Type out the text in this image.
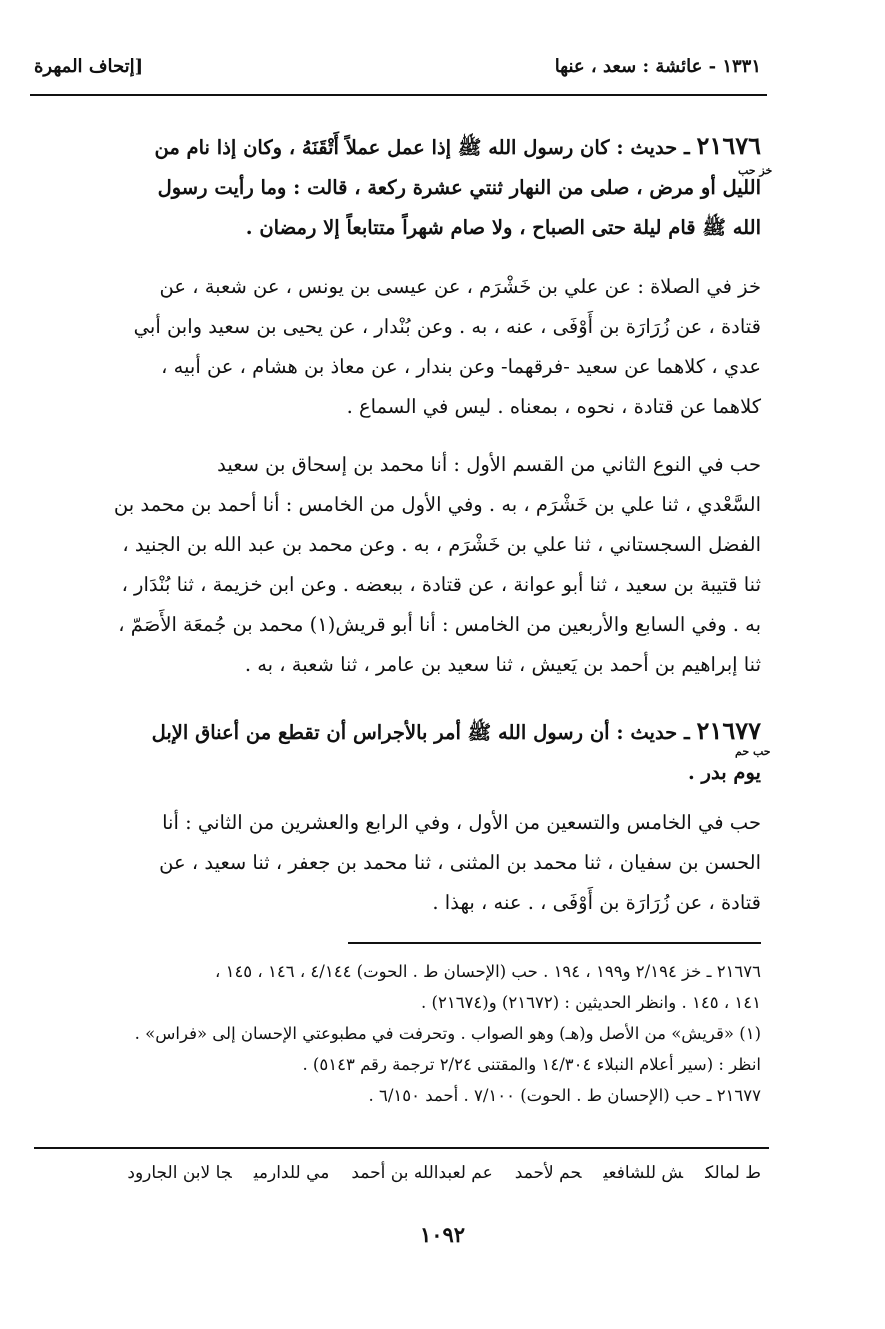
١٣٣١ - عائشة : سعد ، عنها
[إتحاف المهرة
٢١٦٧٦ ـ حديث : كان رسول الله ﷺ إذا عمل عملاً أَتْقَنَهُ ، وكان إذا نام من
الليل أو مرض ، صلى من النهار ثنتي عشرة ركعة ، قالت : وما رأيت رسول
الله ﷺ قام ليلة حتى الصباح ، ولا صام شهراً متتابعاً إلا رمضان .
خز حب
خز في الصلاة : عن علي بن خَشْرَم ، عن عيسى بن يونس ، عن شعبة ، عن
قتادة ، عن زُرَارَة بن أَوْفَى ، عنه ، به . وعن بُنْدار ، عن يحيى بن سعيد وابن أبي
عدي ، كلاهما عن سعيد -فرقهما- وعن بندار ، عن معاذ بن هشام ، عن أبيه ،
كلاهما عن قتادة ، نحوه ، بمعناه . ليس في السماع .
حب في النوع الثاني من القسم الأول : أنا محمد بن إسحاق بن سعيد
السَّعْدي ، ثنا علي بن خَشْرَم ، به . وفي الأول من الخامس : أنا أحمد بن محمد بن
الفضل السجستاني ، ثنا علي بن خَشْرَم ، به . وعن محمد بن عبد الله بن الجنيد ،
ثنا قتيبة بن سعيد ، ثنا أبو عوانة ، عن قتادة ، ببعضه . وعن ابن خزيمة ، ثنا بُنْدَار ،
به . وفي السابع والأربعين من الخامس : أنا أبو قريش(١) محمد بن جُمعَة الأَصَمّ ،
ثنا إبراهيم بن أحمد بن يَعيش ، ثنا سعيد بن عامر ، ثنا شعبة ، به .
٢١٦٧٧ ـ حديث : أن رسول الله ﷺ أمر بالأجراس أن تقطع من أعناق الإبل
يوم بدر .
حب حم
حب في الخامس والتسعين من الأول ، وفي الرابع والعشرين من الثاني : أنا
الحسن بن سفيان ، ثنا محمد بن المثنى ، ثنا محمد بن جعفر ، ثنا سعيد ، عن
قتادة ، عن زُرَارَة بن أَوْفَى ، . عنه ، بهذا .
٢١٦٧٦ ـ خز ٢/١٩٤ و١٩٩ ، ١٩٤ . حب (الإحسان ط . الحوت) ٤/١٤٤ ، ١٤٦ ، ١٤٥ ،
١٤١ ، ١٤٥ . وانظر الحديثين : (٢١٦٧٢) و(٢١٦٧٤) .
(١) «قريش» من الأصل و(هـ) وهو الصواب . وتحرفت في مطبوعتي الإحسان إلى «فراس» .
انظر : (سير أعلام النبلاء ١٤/٣٠٤ والمقتنى ٢/٢٤ ترجمة رقم ٥١٤٣) .
٢١٦٧٧ ـ حب (الإحسان ط . الحوت) ٧/١٠٠ . أحمد ٦/١٥٠ .
ط لمالكش للشافعيحم لأحمدعم لعبدالله بن أحمدمي للدارميجا لابن الجارود
١٠٩٢
